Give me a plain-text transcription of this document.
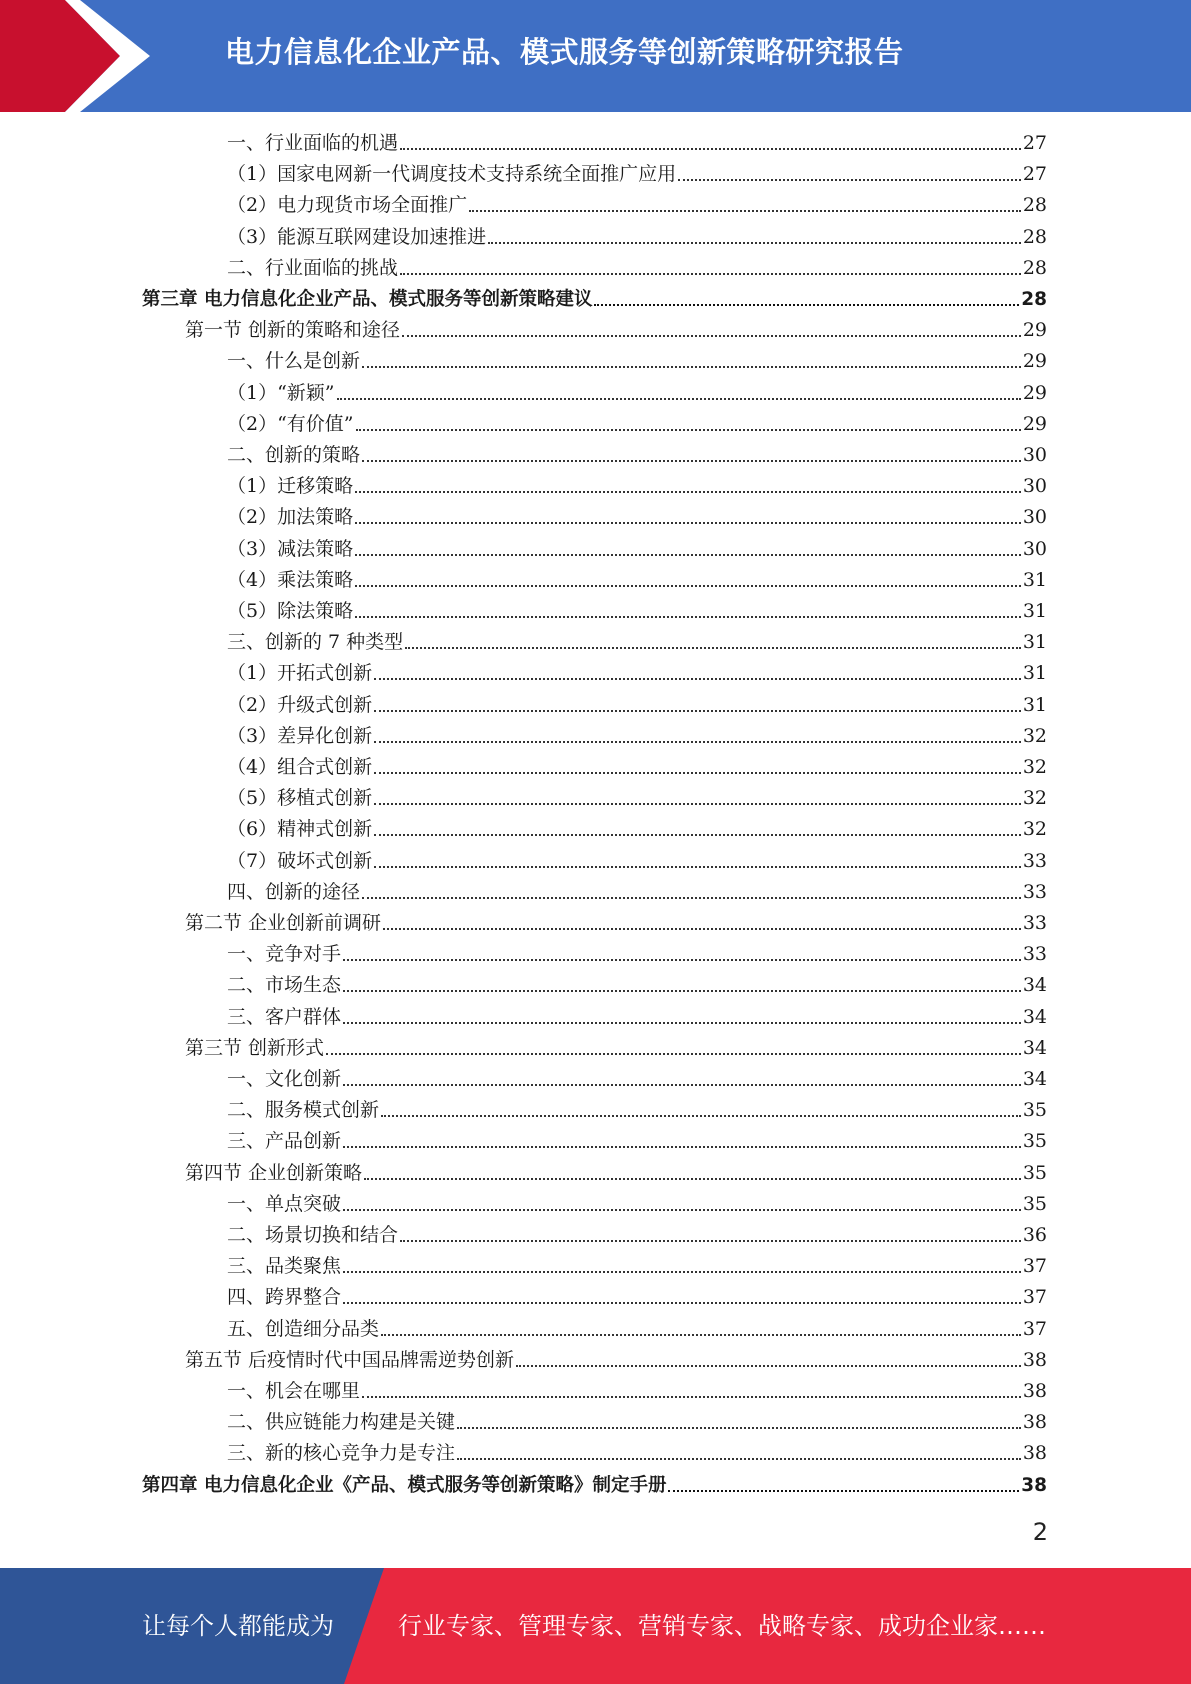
电力信息化企业产品、模式服务等创新策略研究报告
一、行业面临的机遇	27
（1）国家电网新一代调度技术支持系统全面推广应用	27
（2）电力现货市场全面推广	28
（3）能源互联网建设加速推进	28
二、行业面临的挑战	28
第三章 电力信息化企业产品、模式服务等创新策略建议	28
第一节 创新的策略和途径	29
一、什么是创新	29
（1）“新颖”	29
（2）“有价值”	29
二、创新的策略	30
（1）迁移策略	30
（2）加法策略	30
（3）减法策略	30
（4）乘法策略	31
（5）除法策略	31
三、创新的 7 种类型	31
（1）开拓式创新	31
（2）升级式创新	31
（3）差异化创新	32
（4）组合式创新	32
（5）移植式创新	32
（6）精神式创新	32
（7）破坏式创新	33
四、创新的途径	33
第二节 企业创新前调研	33
一、竞争对手	33
二、市场生态	34
三、客户群体	34
第三节 创新形式	34
一、文化创新	34
二、服务模式创新	35
三、产品创新	35
第四节 企业创新策略	35
一、单点突破	35
二、场景切换和结合	36
三、品类聚焦	37
四、跨界整合	37
五、创造细分品类	37
第五节 后疫情时代中国品牌需逆势创新	38
一、机会在哪里	38
二、供应链能力构建是关键	38
三、新的核心竞争力是专注	38
第四章 电力信息化企业《产品、模式服务等创新策略》制定手册	38
2
让每个人都能成为	行业专家、管理专家、营销专家、战略专家、成功企业家……
